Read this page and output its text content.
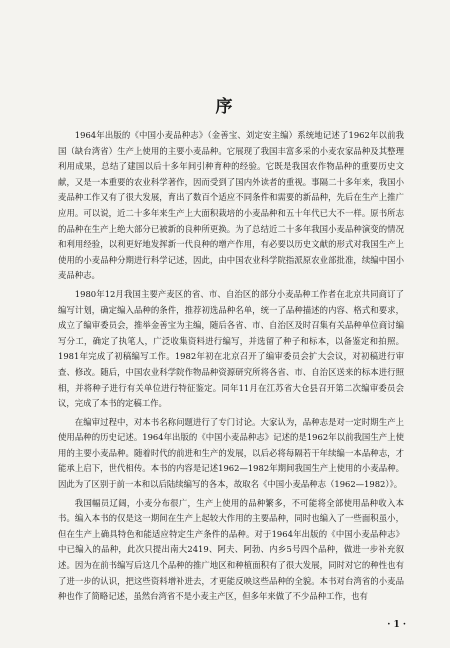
序

1964年出版的《中国小麦品种志》（金善宝、刘定安主编）系统地记述了1962年以前我国（缺台湾省）生产上使用的主要小麦品种。它展现了我国丰富多采的小麦农家品种及其整理利用成果，总结了建国以后十多年间引种育种的经验。它既是我国农作物品种的重要历史文献，又是一本重要的农业科学著作，因而受到了国内外读者的重视。事隔二十多年来，我国小麦品种工作又有了很大发展，育出了数百个适应不同条件和需要的新品种，先后在生产上推广应用。可以说，近二十多年来生产上大面积栽培的小麦品种和五十年代已大不一样。原书所志的品种在生产上绝大部分已被新的良种所更换。为了总结近二十多年我国小麦品种演变的情况和利用经验，以利更好地发挥新一代良种的增产作用，有必要以历史文献的形式对我国生产上使用的小麦品种分期进行科学记述，因此，由中国农业科学院指派原农业部批准，续编中国小麦品种志。

1980年12月我国主要产麦区的省、市、自治区的部分小麦品种工作者在北京共同商订了编写计划，确定编入品种的条件，推荐初选品种名单，统一了品种描述的内容、格式和要求，成立了编审委员会，推举金善宝为主编，随后各省、市、自治区及时召集有关品种单位商讨编写分工，确定了执笔人，广泛收集资料进行编写，并选留了种子和标本，以备鉴定和拍照。1981年完成了初稿编写工作。1982年初在北京召开了编审委员会扩大会议，对初稿进行审查、修改。随后，中国农业科学院作物品种资源研究所将各省、市、自治区送来的标本进行照相，并将种子进行有关单位进行特征鉴定。同年11月在江苏省大仓县召开第二次编审委员会议，完成了本书的定稿工作。

在编审过程中，对本书名称问题进行了专门讨论。大家认为，品种志是对一定时期生产上使用品种的历史记述。1964年出版的《中国小麦品种志》记述的是1962年以前我国生产上使用的主要小麦品种。随着时代的前进和生产的发展，以后必将每隔若干年续编一本品种志，才能承上启下，世代相传。本书的内容是记述1962—1982年期间我国生产上使用的小麦品种。因此为了区别于前一本和以后陆续编写的各本，故取名《中国小麦品种志（1962—1982）》。

我国幅员辽阔，小麦分布很广，生产上使用的品种繁多，不可能将全部使用品种收入本书。编入本书的仅是这一期间在生产上起较大作用的主要品种，同时也编入了一些面积虽小，但在生产上确具特色和能适应特定生产条件的品种。对于1964年出版的《中国小麦品种志》中已编入的品种，此次只提出南大2419、阿夫、阿勃、内乡5号四个品种，做进一步补充叙述。因为在前书编写后这几个品种的推广地区和种植面积有了很大发展，同时对它的种性也有了进一步的认识，把这些资料增补进去，才更能反映这些品种的全貌。本书对台湾省的小麦品种也作了简略记述，虽然台湾省不是小麦主产区，但多年来做了不少品种工作，也有

· 1 ·
